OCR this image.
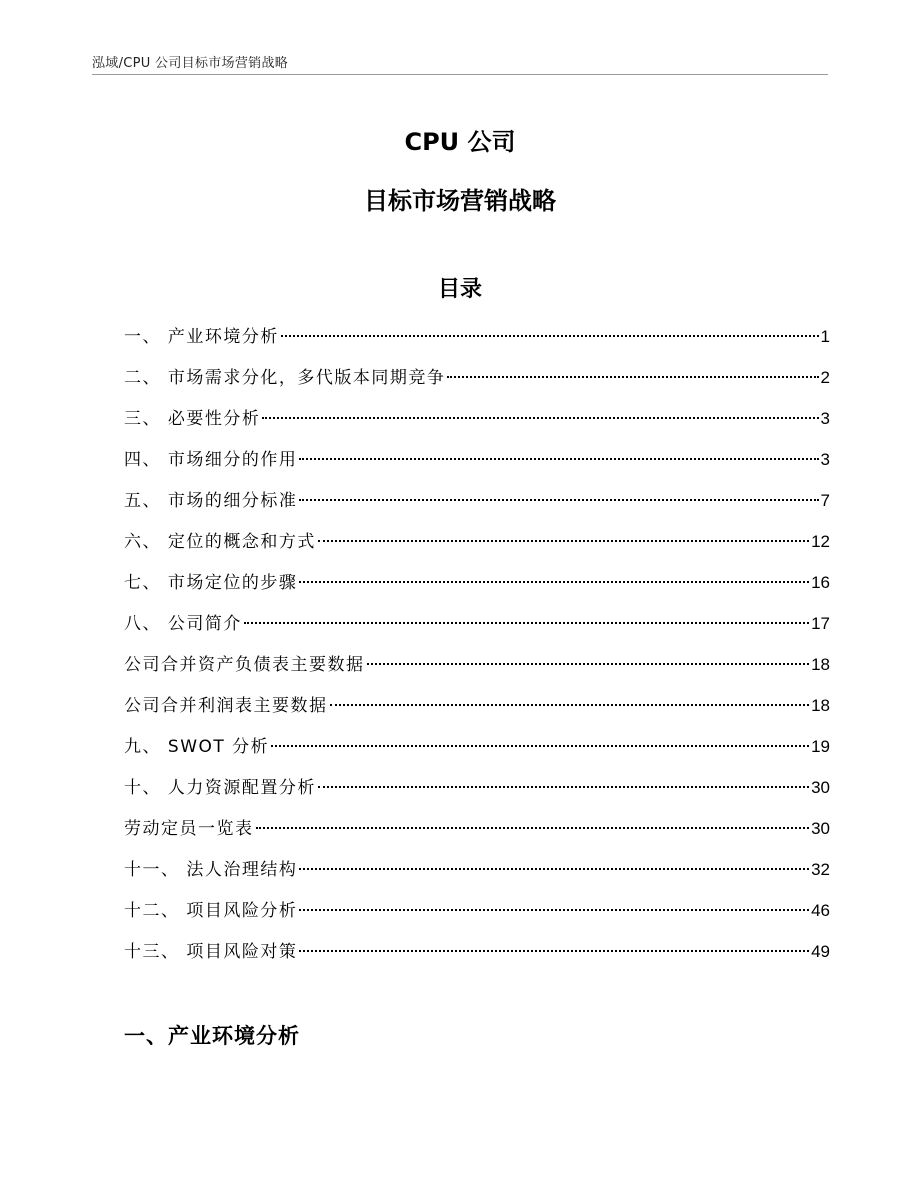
泓域/CPU 公司目标市场营销战略
CPU 公司
目标市场营销战略
目录
一、 产业环境分析	1
二、 市场需求分化，多代版本同期竞争	2
三、 必要性分析	3
四、 市场细分的作用	3
五、 市场的细分标准	7
六、 定位的概念和方式	12
七、 市场定位的步骤	16
八、 公司简介	17
公司合并资产负债表主要数据	18
公司合并利润表主要数据	18
九、 SWOT 分析	19
十、 人力资源配置分析	30
劳动定员一览表	30
十一、 法人治理结构	32
十二、 项目风险分析	46
十三、 项目风险对策	49
一、产业环境分析
